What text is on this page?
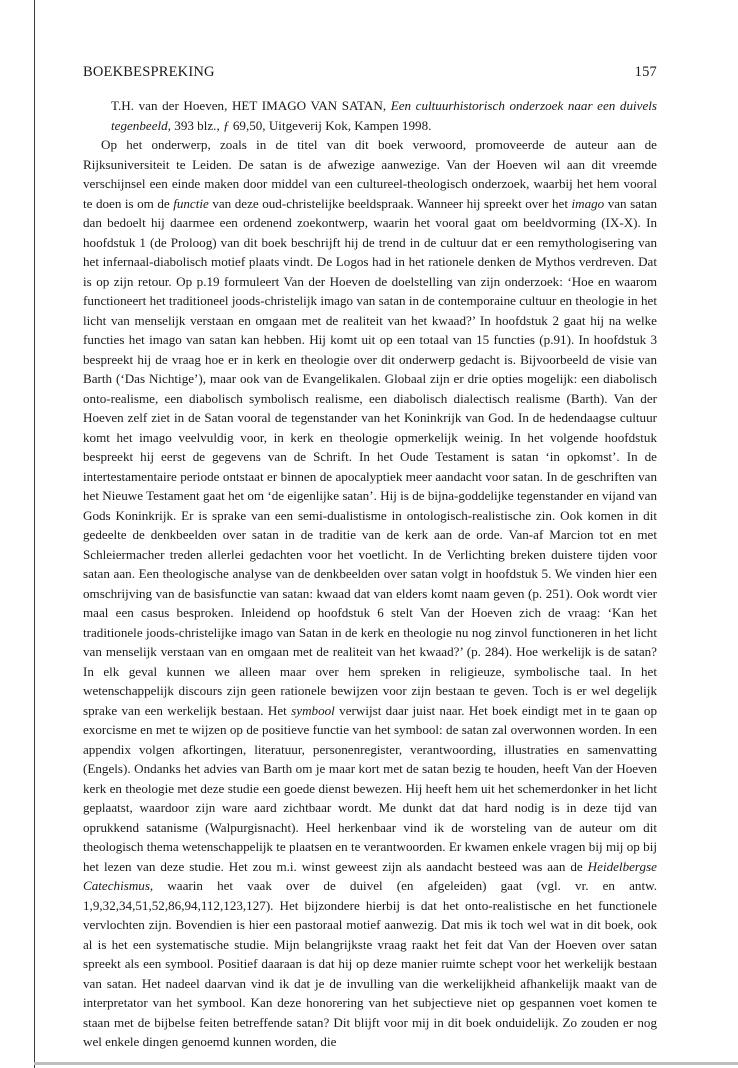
BOEKBESPREKING	157
T.H. van der Hoeven, HET IMAGO VAN SATAN, Een cultuurhistorisch onderzoek naar een duivels tegenbeeld, 393 blz., ƒ 69,50, Uitgeverij Kok, Kampen 1998.

Op het onderwerp, zoals in de titel van dit boek verwoord, promoveerde de auteur aan de Rijksuniversiteit te Leiden. De satan is de afwezige aanwezige. Van der Hoeven wil aan dit vreemde verschijnsel een einde maken door middel van een cultureel-theologisch onderzoek, waarbij het hem vooral te doen is om de functie van deze oud-christelijke beeldspraak. Wanneer hij spreekt over het imago van satan dan bedoelt hij daarmee een ordenend zoekontwerp, waarin het vooral gaat om beeldvorming (IX-X). In hoofdstuk 1 (de Proloog) van dit boek beschrijft hij de trend in de cultuur dat er een remythologisering van het infernaal-diabolisch motief plaats vindt. De Logos had in het rationele denken de Mythos verdreven. Dat is op zijn retour. Op p.19 formuleert Van der Hoeven de doelstelling van zijn onderzoek: ‘Hoe en waarom functioneert het traditioneel joods-christelijk imago van satan in de contemporaine cultuur en theologie in het licht van menselijk verstaan en omgaan met de realiteit van het kwaad?’ In hoofdstuk 2 gaat hij na welke functies het imago van satan kan hebben. Hij komt uit op een totaal van 15 functies (p.91). In hoofdstuk 3 bespreekt hij de vraag hoe er in kerk en theologie over dit onderwerp gedacht is. Bijvoorbeeld de visie van Barth (‘Das Nichtige’), maar ook van de Evangelikalen. Globaal zijn er drie opties mogelijk: een diabolisch onto-realisme, een diabolisch symbolisch realisme, een diabolisch dialectisch realisme (Barth). Van der Hoeven zelf ziet in de Satan vooral de tegenstander van het Koninkrijk van God. In de hedendaagse cultuur komt het imago veelvuldig voor, in kerk en theologie opmerkelijk weinig. In het volgende hoofdstuk bespreekt hij eerst de gegevens van de Schrift. In het Oude Testament is satan ‘in opkomst’. In de intertestamentaire periode ontstaat er binnen de apocalyptiek meer aandacht voor satan. In de geschriften van het Nieuwe Testament gaat het om ‘de eigenlijke satan’. Hij is de bijna-goddelijke tegenstander en vijand van Gods Koninkrijk. Er is sprake van een semi-dualistisme in ontologisch-realistische zin. Ook komen in dit gedeelte de denkbeelden over satan in de traditie van de kerk aan de orde. Van-af Marcion tot en met Schleiermacher treden allerlei gedachten voor het voetlicht. In de Verlichting breken duistere tijden voor satan aan. Een theologische analyse van de denkbeelden over satan volgt in hoofdstuk 5. We vinden hier een omschrijving van de basisfunctie van satan: kwaad dat van elders komt naam geven (p. 251). Ook wordt vier maal een casus besproken. Inleidend op hoofdstuk 6 stelt Van der Hoeven zich de vraag: ‘Kan het traditionele joods-christelijke imago van Satan in de kerk en theologie nu nog zinvol functioneren in het licht van menselijk verstaan van en omgaan met de realiteit van het kwaad?’ (p. 284). Hoe werkelijk is de satan? In elk geval kunnen we alleen maar over hem spreken in religieuze, symbolische taal. In het wetenschappelijk discours zijn geen rationele bewijzen voor zijn bestaan te geven. Toch is er wel degelijk sprake van een werkelijk bestaan. Het symbool verwijst daar juist naar. Het boek eindigt met in te gaan op exorcisme en met te wijzen op de positieve functie van het symbool: de satan zal overwonnen worden. In een appendix volgen afkortingen, literatuur, personenregister, verantwoording, illustraties en samenvatting (Engels). Ondanks het advies van Barth om je maar kort met de satan bezig te houden, heeft Van der Hoeven kerk en theologie met deze studie een goede dienst bewezen. Hij heeft hem uit het schemerdonker in het licht geplaatst, waardoor zijn ware aard zichtbaar wordt. Me dunkt dat dat hard nodig is in deze tijd van oprukkend satanisme (Walpurgisnacht). Heel herkenbaar vind ik de worsteling van de auteur om dit theologisch thema wetenschappelijk te plaatsen en te verantwoorden. Er kwamen enkele vragen bij mij op bij het lezen van deze studie. Het zou m.i. winst geweest zijn als aandacht besteed was aan de Heidelbergse Catechismus, waarin het vaak over de duivel (en afgeleiden) gaat (vgl. vr. en antw. 1,9,32,34,51,52,86,94,112,123,127). Het bijzondere hierbij is dat het onto-realistische en het functionele vervlochten zijn. Bovendien is hier een pastoraal motief aanwezig. Dat mis ik toch wel wat in dit boek, ook al is het een systematische studie. Mijn belangrijkste vraag raakt het feit dat Van der Hoeven over satan spreekt als een symbool. Positief daaraan is dat hij op deze manier ruimte schept voor het werkelijk bestaan van satan. Het nadeel daarvan vind ik dat je de invulling van die werkelijkheid afhankelijk maakt van de interpretator van het symbool. Kan deze honorering van het subjectieve niet op gespannen voet komen te staan met de bijbelse feiten betreffende satan? Dit blijft voor mij in dit boek onduidelijk. Zo zouden er nog wel enkele dingen genoemd kunnen worden, die
